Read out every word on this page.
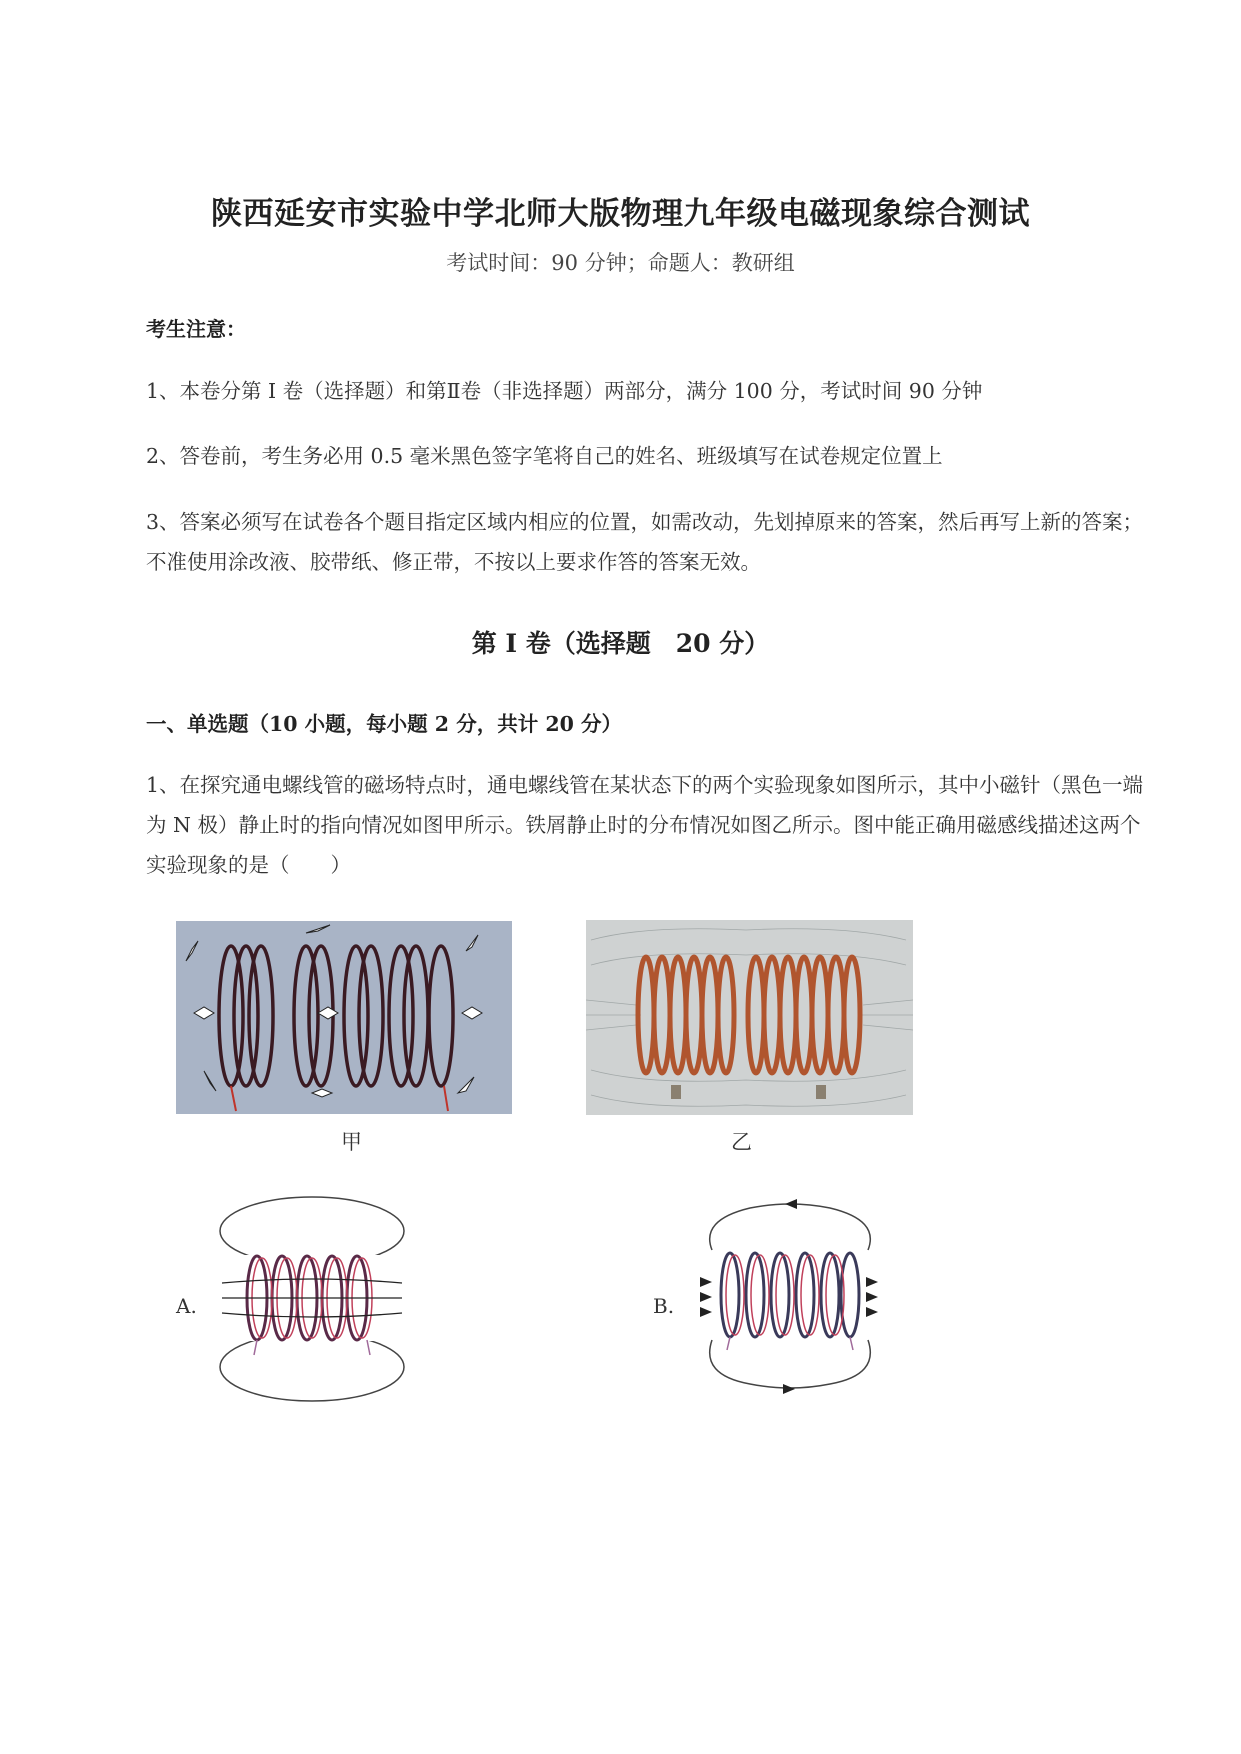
陕西延安市实验中学北师大版物理九年级电磁现象综合测试
考试时间：90 分钟；命题人：教研组
考生注意：
1、本卷分第 I 卷（选择题）和第Ⅱ卷（非选择题）两部分，满分 100 分，考试时间 90 分钟
2、答卷前，考生务必用 0.5 毫米黑色签字笔将自己的姓名、班级填写在试卷规定位置上
3、答案必须写在试卷各个题目指定区域内相应的位置，如需改动，先划掉原来的答案，然后再写上新的答案；不准使用涂改液、胶带纸、修正带，不按以上要求作答的答案无效。
第 I 卷（选择题　20 分）
一、单选题（10 小题，每小题 2 分，共计 20 分）
1、在探究通电螺线管的磁场特点时，通电螺线管在某状态下的两个实验现象如图所示，其中小磁针（黑色一端为 N 极）静止时的指向情况如图甲所示。铁屑静止时的分布情况如图乙所示。图中能正确用磁感线描述这两个实验现象的是（　　）
甲	乙
A.	B.
